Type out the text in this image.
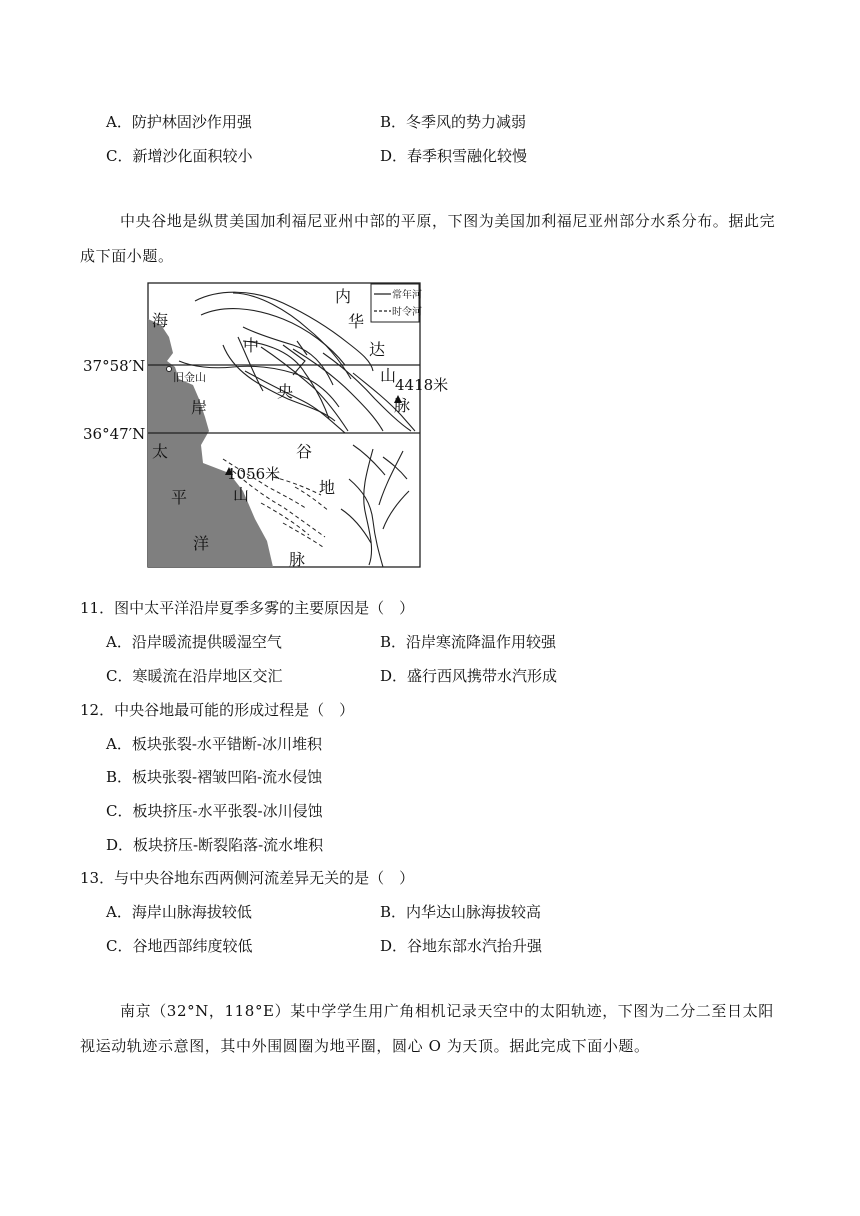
A．防护林固沙作用强	B．冬季风的势力减弱
C．新增沙化面积较小	D．春季积雪融化较慢
中央谷地是纵贯美国加利福尼亚州中部的平原，下图为美国加利福尼亚州部分水系分布。据此完成下面小题。
常年河
时令河
37°58′N
36°47′N
海
岸
旧金山
太
平
洋
内
华
达
山
脉
中
央
谷
地
4418米
1056米
山
脉
11．图中太平洋沿岸夏季多雾的主要原因是（　）
A．沿岸暖流提供暖湿空气	B．沿岸寒流降温作用较强
C．寒暖流在沿岸地区交汇	D．盛行西风携带水汽形成
12．中央谷地最可能的形成过程是（　）
A．板块张裂-水平错断-冰川堆积
B．板块张裂-褶皱凹陷-流水侵蚀
C．板块挤压-水平张裂-冰川侵蚀
D．板块挤压-断裂陷落-流水堆积
13．与中央谷地东西两侧河流差异无关的是（　）
A．海岸山脉海拔较低	B．内华达山脉海拔较高
C．谷地西部纬度较低	D．谷地东部水汽抬升强
南京（32°N，118°E）某中学学生用广角相机记录天空中的太阳轨迹，下图为二分二至日太阳视运动轨迹示意图，其中外围圆圈为地平圈，圆心 O 为天顶。据此完成下面小题。
